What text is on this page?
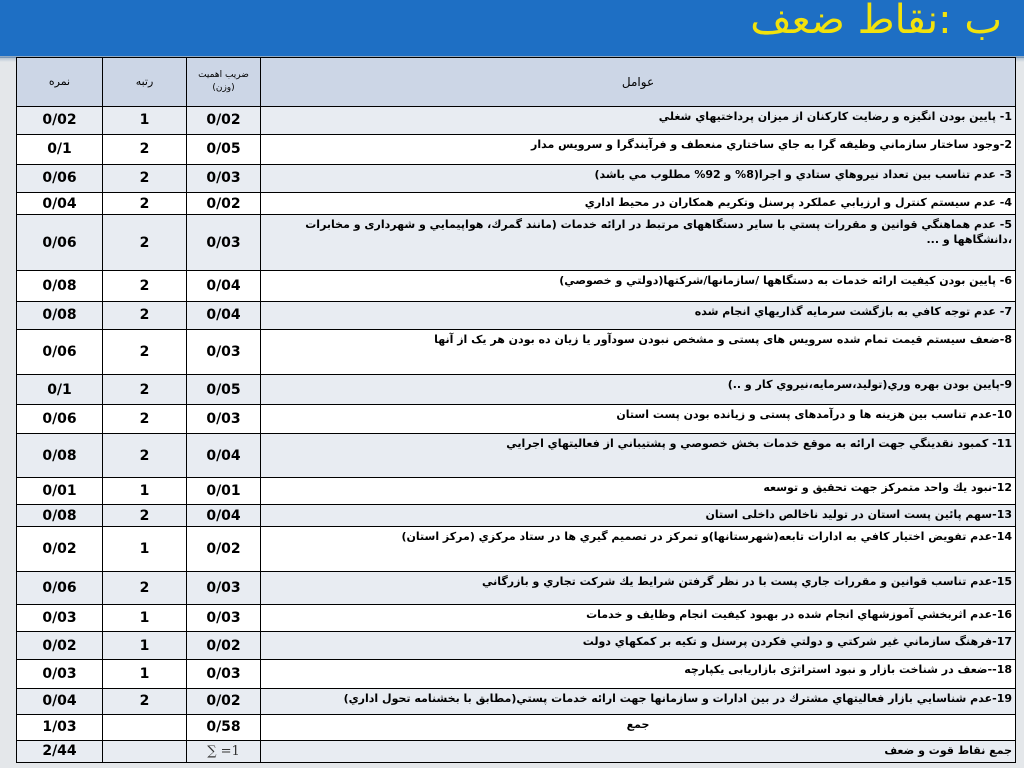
ب :نقاط ضعف
نمره	رتبه	ضريب اهميت (وزن)	عوامل
0/02	1	0/02	1- پايين بودن انگيزه و رضايت كاركنان از ميزان پرداختيهاي شغلي
0/1	2	0/05	2-وجود ساختار سازماني وظيفه گرا به جاي ساختاري منعطف و فرآيندگرا و سرويس مدار
0/06	2	0/03	3- عدم تناسب بين تعداد نيروهاي ستادي و اجرا(8% و 92% مطلوب مي باشد)
0/04	2	0/02	4- عدم سيستم كنترل و ارزيابي عملكرد پرسنل وتكريم همكاران در محيط اداري
0/06	2	0/03	5- عدم هماهنگي قوانين و مقررات پستي با ساير دستگاههای مرتبط در ارائه خدمات (مانند گمرك، هواپيمايي و شهرداری و مخابرات ،دانشگاهها و ...
0/08	2	0/04	6- پايين بودن كيفيت ارائه خدمات به دستگاهها /سازمانها/شركتها(دولتي و خصوصي)
0/08	2	0/04	7- عدم توجه كافي به بازگشت سرمايه گذاريهاي انجام شده
0/06	2	0/03	8-ضعف سيستم قيمت تمام شده سرويس های پستی و مشخص نبودن سودآور يا زيان ده بودن هر يک از آنها
0/1	2	0/05	9-پايين بودن بهره وري(توليد،سرمايه،نيروي كار و ..)
0/06	2	0/03	10-عدم تناسب بين هزينه ها و درآمدهای پستی و زيانده بودن پست استان
0/08	2	0/04	11- كمبود نقدينگي جهت ارائه به موقع خدمات بخش خصوصي و پشتيباني از فعاليتهاي اجرايي
0/01	1	0/01	12-نبود يك واحد متمركز جهت تحقيق و توسعه
0/08	2	0/04	13-سهم پائين پست استان در توليد ناخالص داخلی استان
0/02	1	0/02	14-عدم تفويض اختيار كافي به ادارات تابعه(شهرستانها)و تمركز در تصميم گيري ها در ستاد مركزي (مركز استان)
0/06	2	0/03	15-عدم تناسب قوانين و مقررات جاري پست با در نظر گرفتن شرايط يك شركت تجاري و بازرگاني
0/03	1	0/03	16-عدم اثربخشي آموزشهاي انجام شده در بهبود كيفيت انجام وظايف و خدمات
0/02	1	0/02	17-فرهنگ سازماني غير شركتي و دولتي فكردن پرسنل و تكيه بر كمكهاي دولت
0/03	1	0/03	18--ضعف در شناخت بازار و نبود استراتژی بازاريابی يكپارچه
0/04	2	0/02	19-عدم شناسايي بازار فعاليتهاي مشترك در بين ادارات و سازمانها جهت ارائه خدمات پستي(مطابق با بخشنامه تحول اداري)
1/03		0/58	جمع
2/44		∑ =1	جمع نقاط قوت و ضعف
